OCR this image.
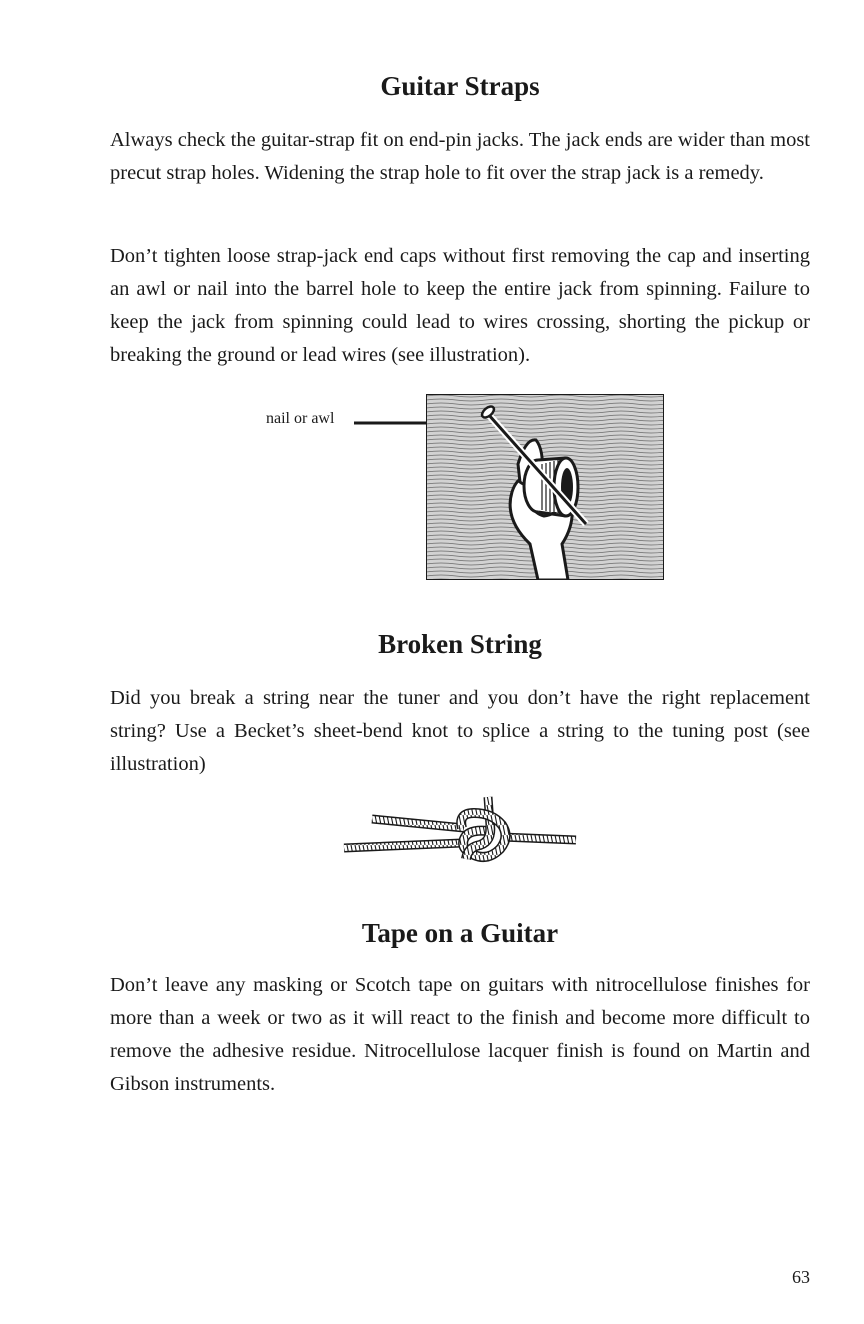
Guitar Straps

Always check the guitar-strap fit on end-pin jacks. The jack ends are wider than most precut strap holes. Widening the strap hole to fit over the strap jack is a remedy.

Don’t tighten loose strap-jack end caps without first removing the cap and inserting an awl or nail into the barrel hole to keep the entire jack from spinning. Failure to keep the jack from spinning could lead to wires crossing, shorting the pickup or breaking the ground or lead wires (see illustration).

nail or awl
Broken String

Did you break a string near the tuner and you don’t have the right replacement string? Use a Becket’s sheet-bend knot to splice a string to the tuning post (see illustration)

Tape on a Guitar

Don’t leave any masking or Scotch tape on guitars with nitrocellulose finishes for more than a week or two as it will react to the finish and become more difficult to remove the adhesive residue. Nitrocellulose lacquer finish is found on Martin and Gibson instruments.

63
